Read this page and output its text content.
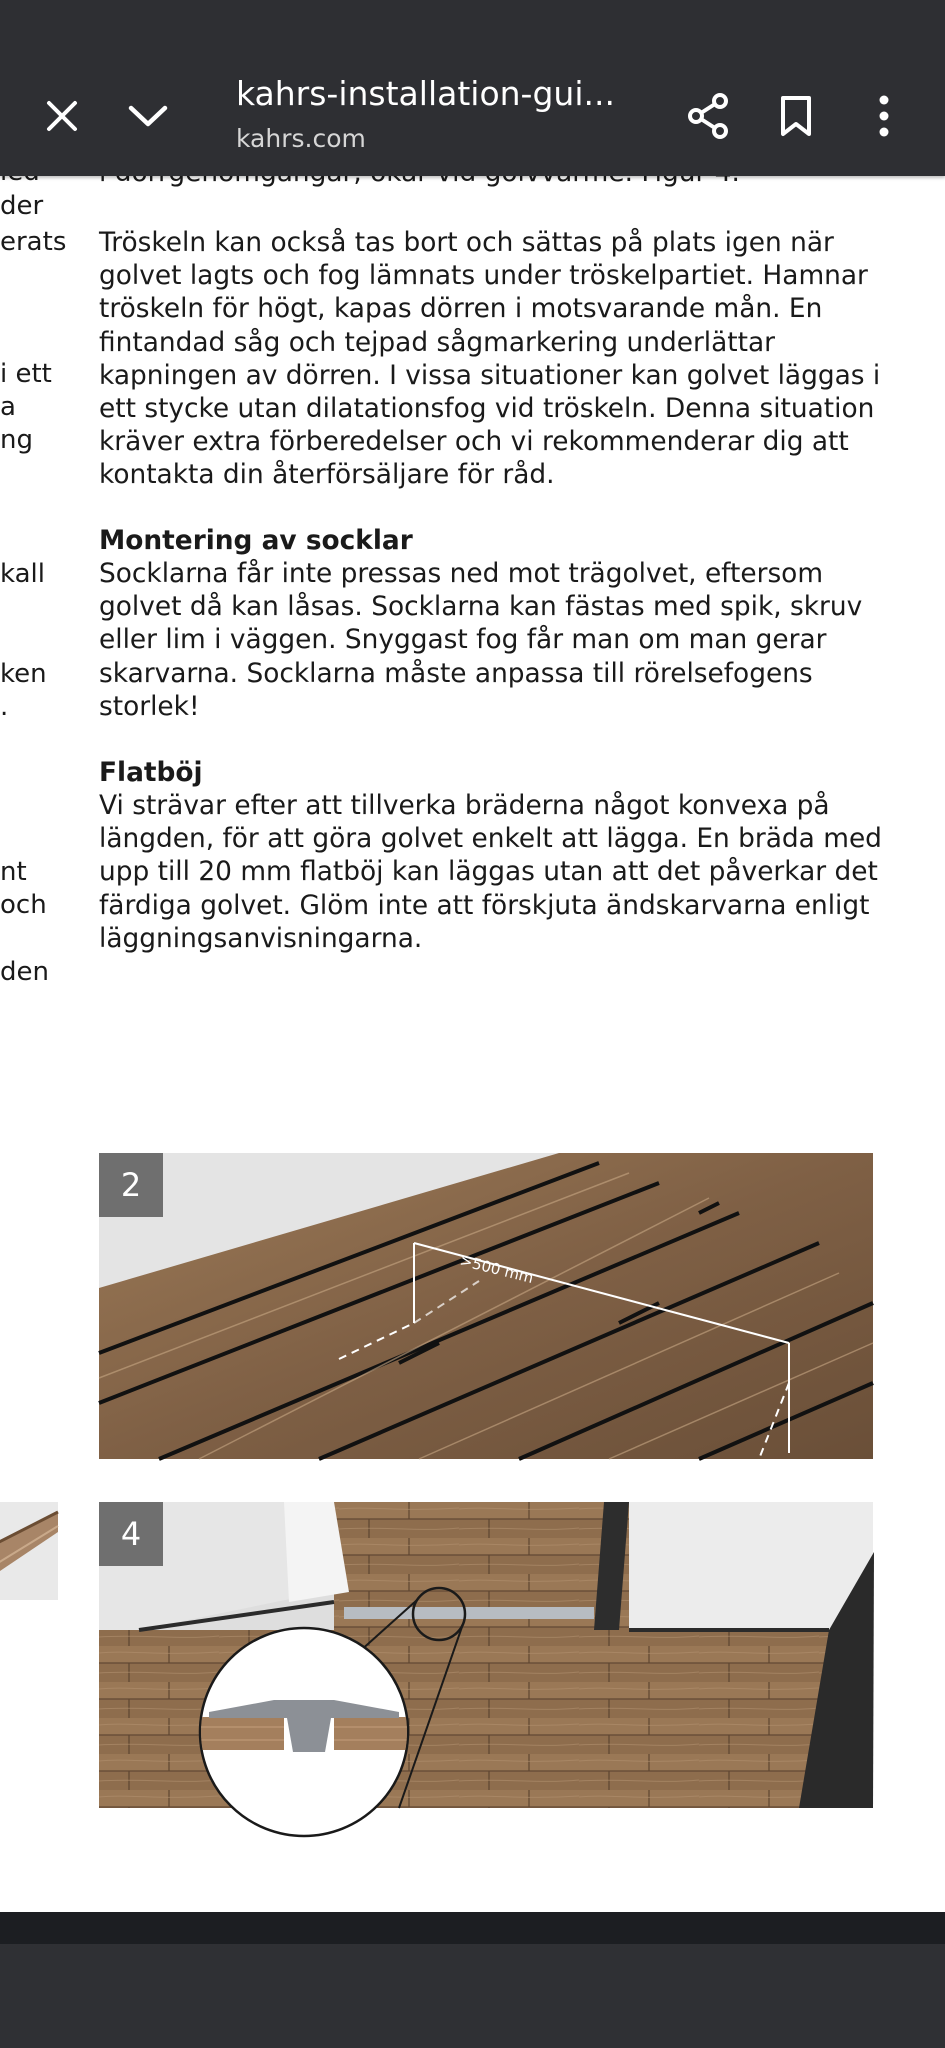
kahrs-installation-gui...
kahrs.com
der
erats
i ett
a
ng
kall
ken
.
nt
och
den
Tröskeln kan också tas bort och sättas på plats igen när
golvet lagts och fog lämnats under tröskelpartiet. Hamnar
tröskeln för högt, kapas dörren i motsvarande mån. En
fintandad såg och tejpad sågmarkering underlättar
kapningen av dörren. I vissa situationer kan golvet läggas i
ett stycke utan dilatationsfog vid tröskeln. Denna situation
kräver extra förberedelser och vi rekommenderar dig att
kontakta din återförsäljare för råd.
Montering av socklar
Socklarna får inte pressas ned mot trägolvet, eftersom
golvet då kan låsas. Socklarna kan fästas med spik, skruv
eller lim i väggen. Snyggast fog får man om man gerar
skarvarna. Socklarna måste anpassa till rörelsefogens
storlek!
Flatböj
Vi strävar efter att tillverka bräderna något konvexa på
längden, för att göra golvet enkelt att lägga. En bräda med
upp till 20 mm flatböj kan läggas utan att det påverkar det
färdiga golvet. Glöm inte att förskjuta ändskarvarna enligt
läggningsanvisningarna.
>500 mm
2
4
